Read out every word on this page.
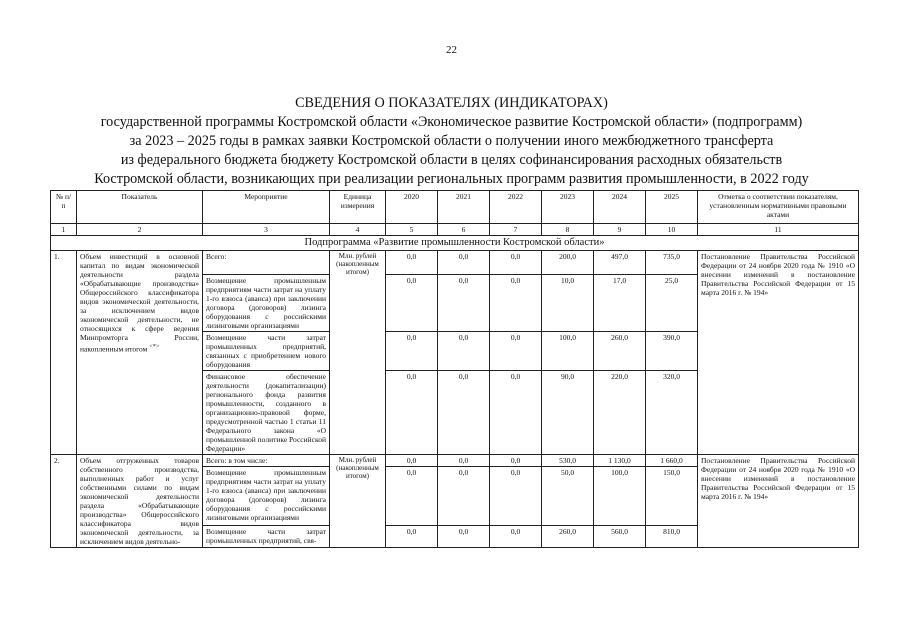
22
СВЕДЕНИЯ О ПОКАЗАТЕЛЯХ (ИНДИКАТОРАХ)
государственной программы Костромской области «Экономическое развитие Костромской области» (подпрограмм)
за 2023 – 2025 годы в рамках заявки Костромской области о получении иного межбюджетного трансферта
из федерального бюджета бюджету Костромской области в целях софинансирования расходных обязательств
Костромской области, возникающих при реализации региональных программ развития промышленности, в 2022 году
№ п/п	Показатель	Мероприятие	Единица измерения	2020	2021	2022	2023	2024	2025	Отметка о соответствии показателям, установленным нормативными правовыми актами
1	2	3	4	5	6	7	8	9	10	11
Подпрограмма «Развитие промышленности Костромской области»										
1.	Объем инвестиций в основной капитал по видам экономической деятельности раздела «Обрабатывающие производства» Общероссийского классификатора видов экономической деятельности, за исключением видов экономической деятельности, не относящихся к сфере ведения Минпромторга России, накопленным итогом <*>	Всего:	Млн. рублей (накопленным итогом)	0,0	0,0	0,0	200,0	497,0	735,0	Постановление Правительства Российской Федерации от 24 ноября 2020 года № 1910 «О внесении изменений в постановление Правительства Российской Федерации от 15 марта 2016 г. № 194»
		Возмещение промышленным предприятиям части затрат на уплату 1-го взноса (аванса) при заключении договора (договоров) лизинга оборудования с российскими лизинговыми организациями		0,0	0,0	0,0	10,0	17,0	25,0	
		Возмещение части затрат промышленных предприятий, связанных с приобретением нового оборудования		0,0	0,0	0,0	100,0	260,0	390,0	
		Финансовое обеспечение деятельности (докапитализации) регионального фонда развития промышленности, созданного в организационно-правовой форме, предусмотренной частью 1 статьи 11 Федерального закона «О промышленной политике Российской Федерации»		0,0	0,0	0,0	90,0	220,0	320,0	
2.	Объем отгруженных товаров собственного производства, выполненных работ и услуг собственными силами по видам экономической деятельности раздела «Обрабатывающие производства» Общероссийского классификатора видов экономической деятельности, за исключением видов деятельно-	Всего: в том числе:	Млн. рублей (накопленным итогом)	0,0	0,0	0,0	530,0	1 130,0	1 660,0	Постановление Правительства Российской Федерации от 24 ноября 2020 года № 1910 «О внесении изменений в постановление Правительства Российской Федерации от 15 марта 2016 г. № 194»
		Возмещение промышленным предприятиям части затрат на уплату 1-го взноса (аванса) при заключении договора (договоров) лизинга оборудования с российскими лизинговыми организациями		0,0	0,0	0,0	50,0	100,0	150,0	
		Возмещение части затрат промышленных предприятий, свя-		0,0	0,0	0,0	260,0	560,0	810,0	
